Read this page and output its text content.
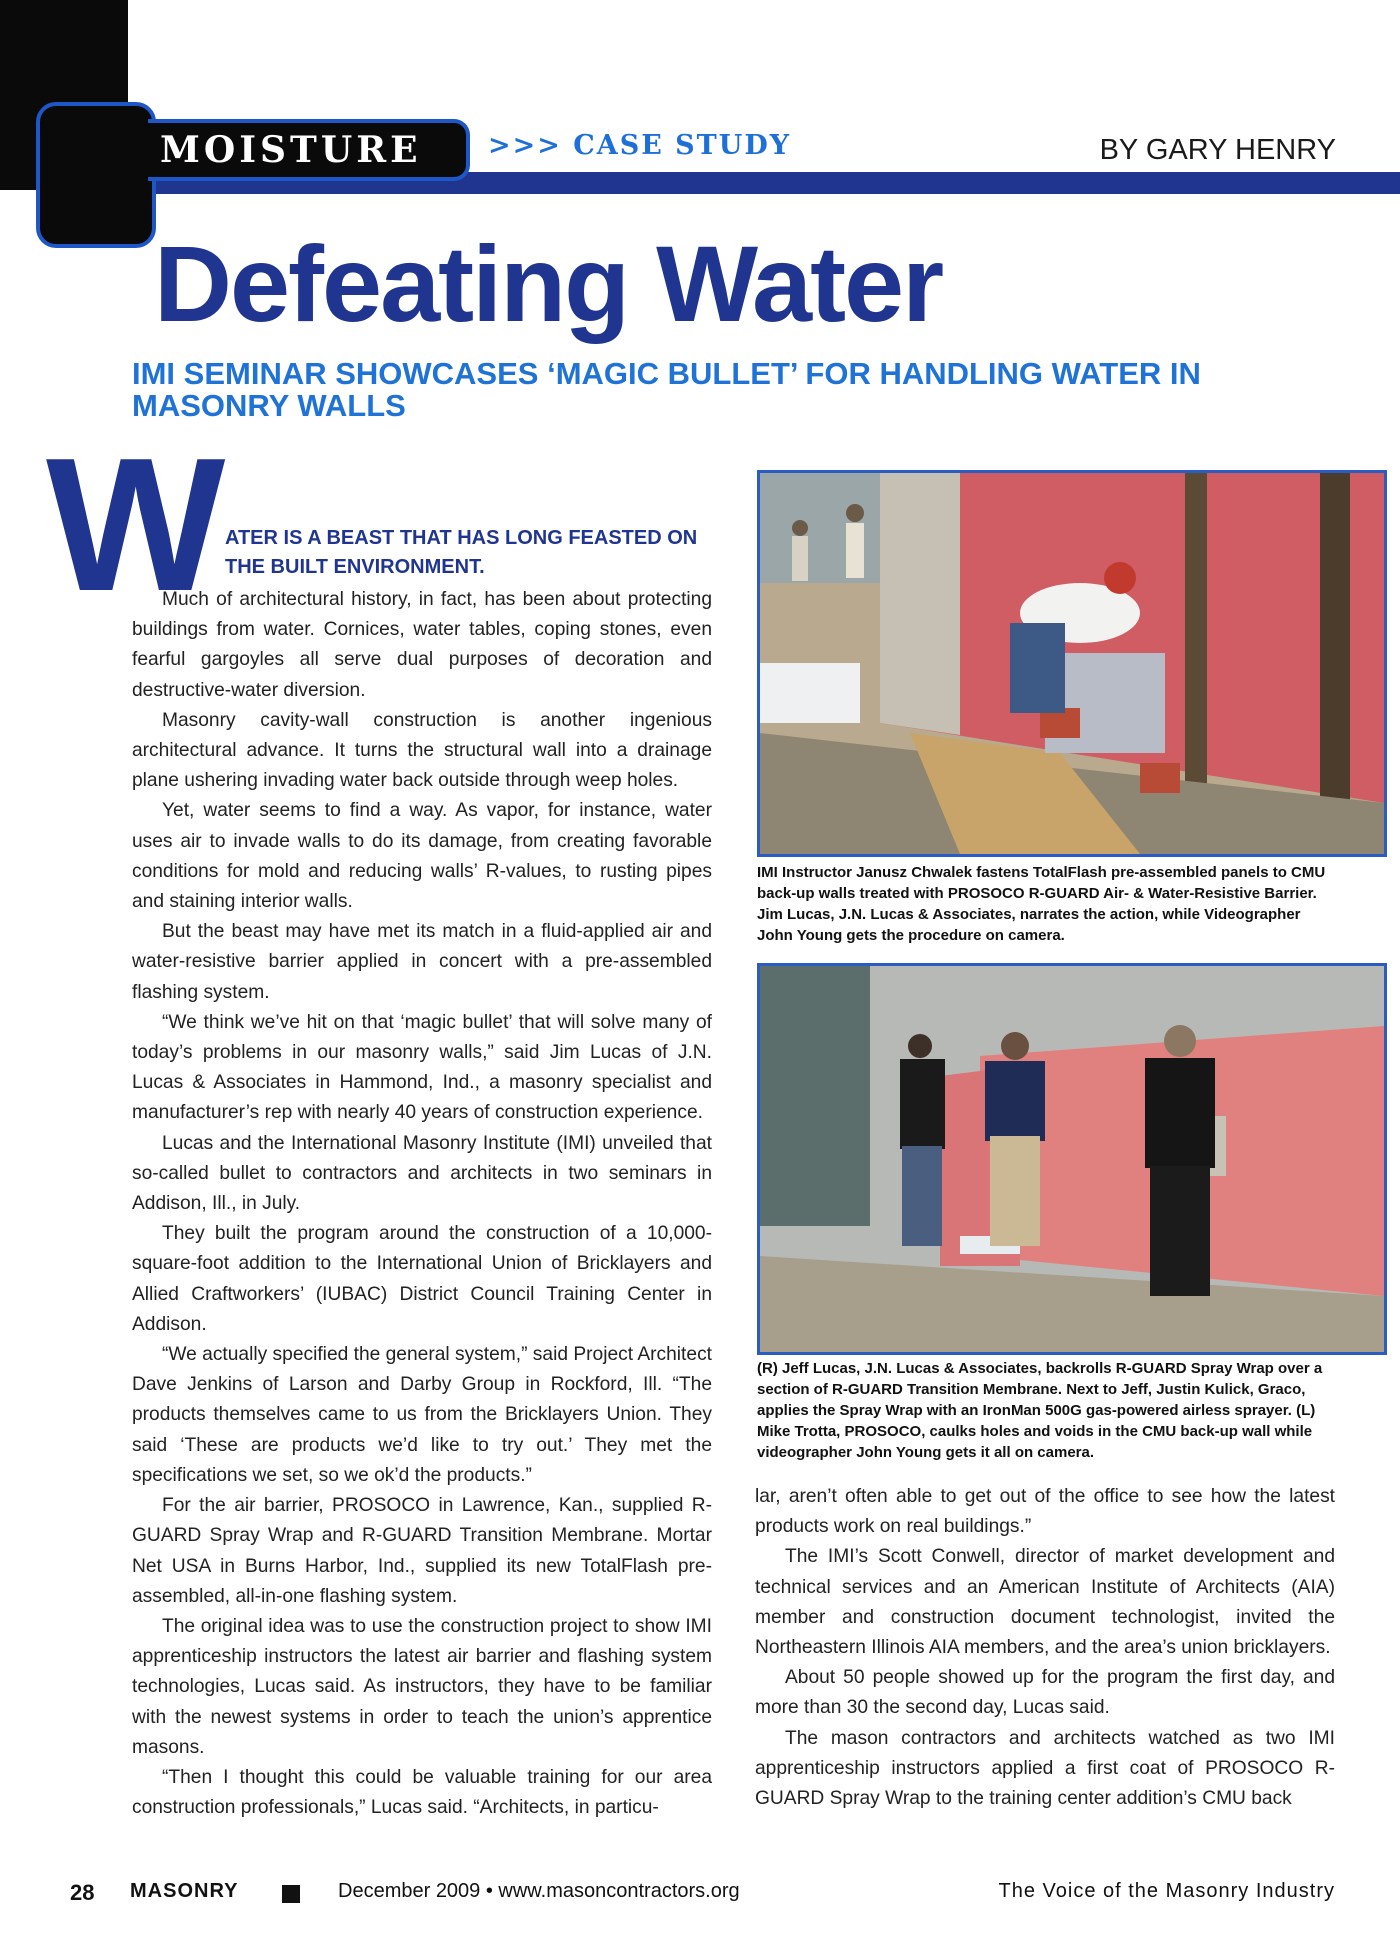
MOISTURE	>>> CASE STUDY	BY GARY HENRY
Defeating Water
IMI SEMINAR SHOWCASES ‘MAGIC BULLET’ FOR HANDLING WATER IN MASONRY WALLS
W ATER IS A BEAST THAT HAS LONG FEASTED ON THE BUILT ENVIRONMENT.

Much of architectural history, in fact, has been about protecting buildings from water. Cornices, water tables, coping stones, even fearful gargoyles all serve dual purposes of decoration and destructive-water diversion.

Masonry cavity-wall construction is another ingenious architectural advance. It turns the structural wall into a drainage plane ushering invading water back outside through weep holes.

Yet, water seems to find a way. As vapor, for instance, water uses air to invade walls to do its damage, from creating favorable conditions for mold and reducing walls’ R-values, to rusting pipes and staining interior walls.

But the beast may have met its match in a fluid-applied air and water-resistive barrier applied in concert with a pre-assembled flashing system.

“We think we’ve hit on that ‘magic bullet’ that will solve many of today’s problems in our masonry walls,” said Jim Lucas of J.N. Lucas & Associates in Hammond, Ind., a masonry specialist and manufacturer’s rep with nearly 40 years of construction experience.

Lucas and the International Masonry Institute (IMI) unveiled that so-called bullet to contractors and architects in two seminars in Addison, Ill., in July.

They built the program around the construction of a 10,000-square-foot addition to the International Union of Bricklayers and Allied Craftworkers’ (IUBAC) District Council Training Center in Addison.

“We actually specified the general system,” said Project Architect Dave Jenkins of Larson and Darby Group in Rockford, Ill. “The products themselves came to us from the Bricklayers Union. They said ‘These are products we’d like to try out.’ They met the specifications we set, so we ok’d the products.”

For the air barrier, PROSOCO in Lawrence, Kan., supplied R-GUARD Spray Wrap and R-GUARD Transition Membrane. Mortar Net USA in Burns Harbor, Ind., supplied its new TotalFlash pre-assembled, all-in-one flashing system.

The original idea was to use the construction project to show IMI apprenticeship instructors the latest air barrier and flashing system technologies, Lucas said. As instructors, they have to be familiar with the newest systems in order to teach the union’s apprentice masons.

“Then I thought this could be valuable training for our area construction professionals,” Lucas said. “Architects, in particu-

IMI Instructor Janusz Chwalek fastens TotalFlash pre-assembled panels to CMU back-up walls treated with PROSOCO R-GUARD Air- & Water-Resistive Barrier. Jim Lucas, J.N. Lucas & Associates, narrates the action, while Videographer John Young gets the procedure on camera.
(R) Jeff Lucas, J.N. Lucas & Associates, backrolls R-GUARD Spray Wrap over a section of R-GUARD Transition Membrane. Next to Jeff, Justin Kulick, Graco, applies the Spray Wrap with an IronMan 500G gas-powered airless sprayer. (L) Mike Trotta, PROSOCO, caulks holes and voids in the CMU back-up wall while videographer John Young gets it all on camera.

lar, aren’t often able to get out of the office to see how the latest products work on real buildings.”

The IMI’s Scott Conwell, director of market development and technical services and an American Institute of Architects (AIA) member and construction document technologist, invited the Northeastern Illinois AIA members, and the area’s union bricklayers.

About 50 people showed up for the program the first day, and more than 30 the second day, Lucas said.

The mason contractors and architects watched as two IMI apprenticeship instructors applied a first coat of PROSOCO R-GUARD Spray Wrap to the training center addition’s CMU back

28 MASONRY	December 2009 • www.masoncontractors.org	The Voice of the Masonry Industry
